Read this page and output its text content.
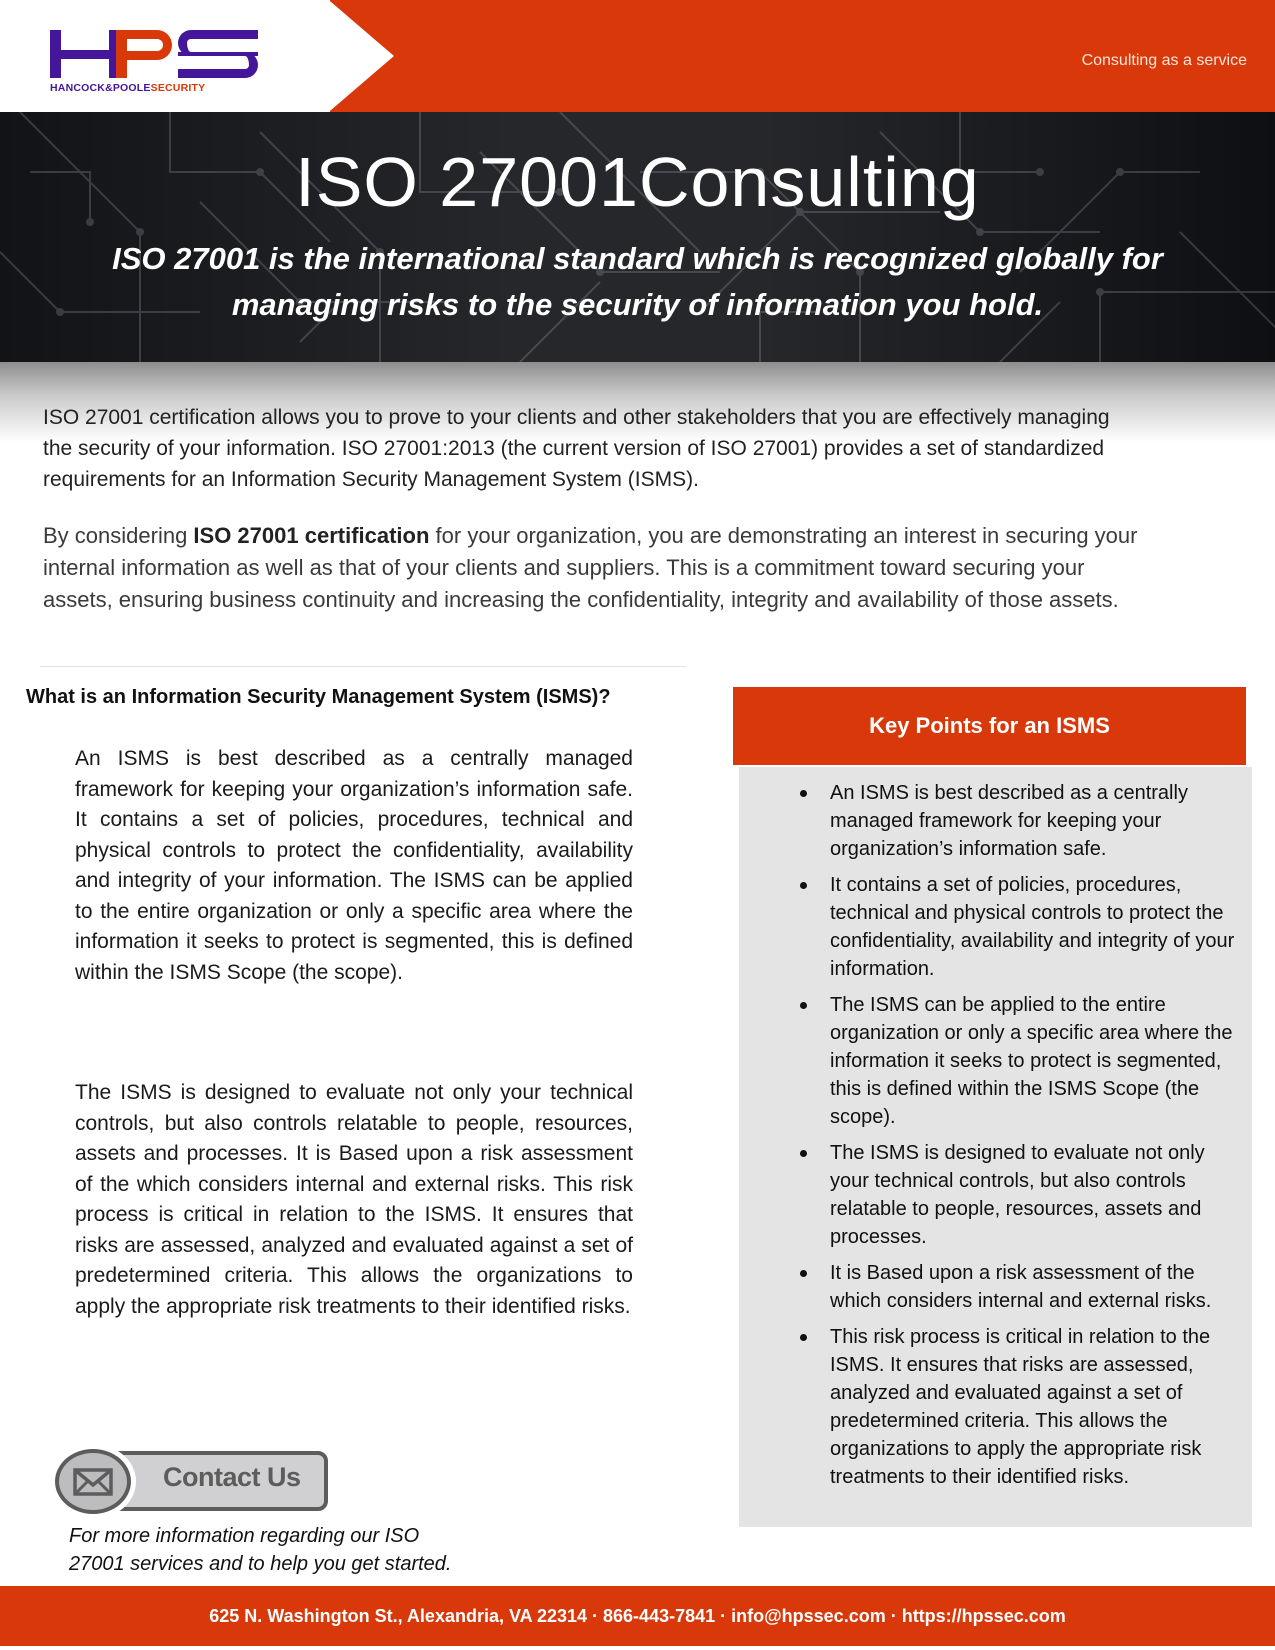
HANCOCK&POOLESECURITY
Consulting as a service
ISO 27001Consulting
ISO 27001 is the international standard which is recognized globally for managing risks to the security of information you hold.

ISO 27001 certification allows you to prove to your clients and other stakeholders that you are effectively managing the security of your information. ISO 27001:2013 (the current version of ISO 27001) provides a set of standardized requirements for an Information Security Management System (ISMS).

By considering ISO 27001 certification for your organization, you are demonstrating an interest in securing your internal information as well as that of your clients and suppliers. This is a commitment toward securing your assets, ensuring business continuity and increasing the confidentiality, integrity and availability of those assets.

What is an Information Security Management System (ISMS)?

An ISMS is best described as a centrally managed framework for keeping your organization’s information safe. It contains a set of policies, procedures, technical and physical controls to protect the confidentiality, availability and integrity of your information. The ISMS can be applied to the entire organization or only a specific area where the information it seeks to protect is segmented, this is defined within the ISMS Scope (the scope).

The ISMS is designed to evaluate not only your technical controls, but also controls relatable to people, resources, assets and processes. It is Based upon a risk assessment of the which considers internal and external risks. This risk process is critical in relation to the ISMS. It ensures that risks are assessed, analyzed and evaluated against a set of predetermined criteria. This allows the organizations to apply the appropriate risk treatments to their identified risks.

Contact Us

For more information regarding our ISO 27001 services and to help you get started.

Key Points for an ISMS
An ISMS is best described as a centrally managed framework for keeping your organization’s information safe.
It contains a set of policies, procedures, technical and physical controls to protect the confidentiality, availability and integrity of your information.
The ISMS can be applied to the entire organization or only a specific area where the information it seeks to protect is segmented, this is defined within the ISMS Scope (the scope).
The ISMS is designed to evaluate not only your technical controls, but also controls relatable to people, resources, assets and processes.
It is Based upon a risk assessment of the which considers internal and external risks.
This risk process is critical in relation to the ISMS. It ensures that risks are assessed, analyzed and evaluated against a set of predetermined criteria. This allows the organizations to apply the appropriate risk treatments to their identified risks.
625 N. Washington St., Alexandria, VA 22314 · 866-443-7841 · info@hpssec.com · https://hpssec.com
